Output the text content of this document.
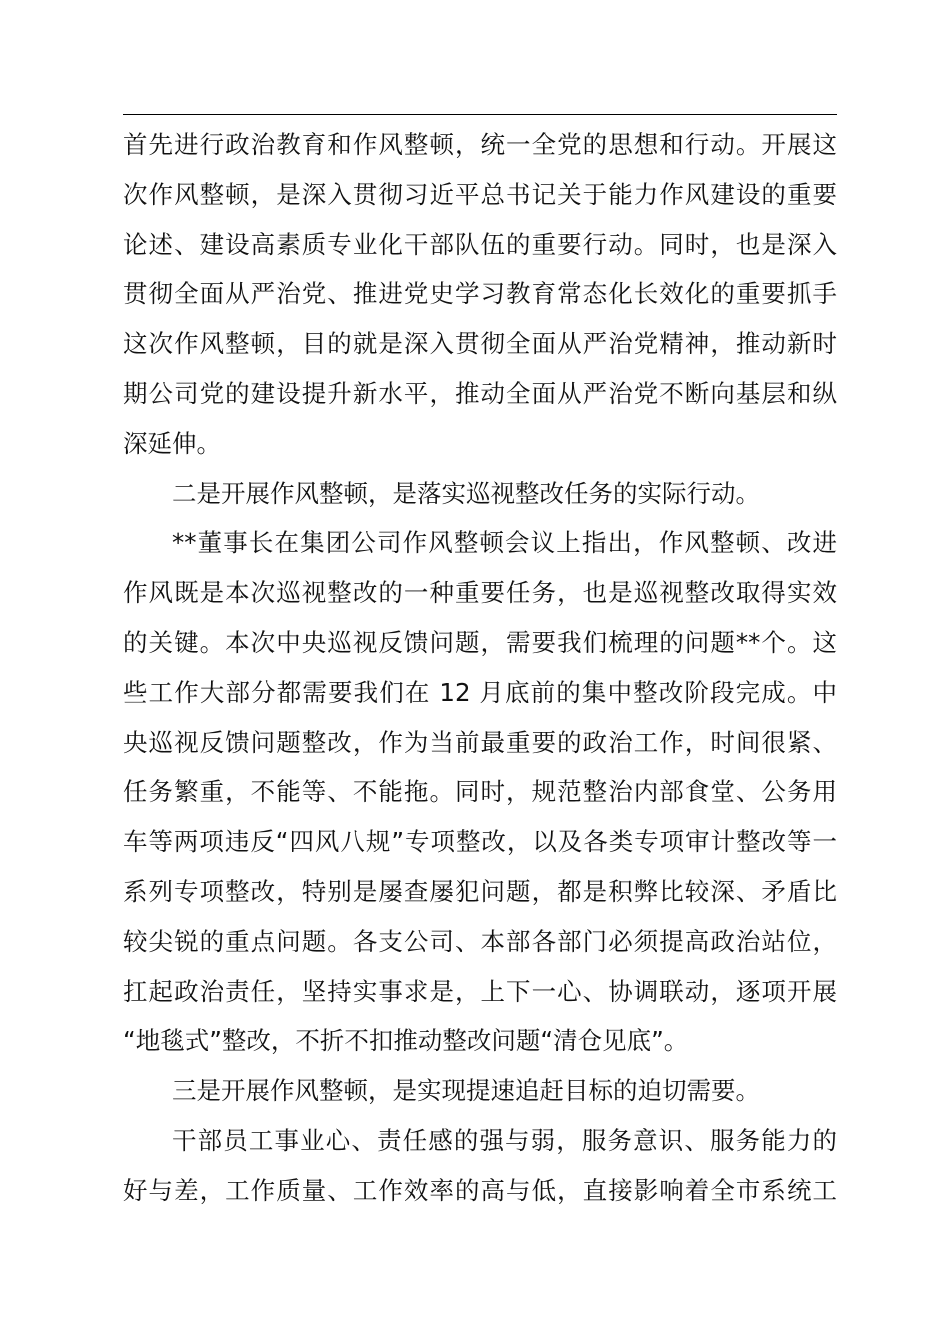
首先进行政治教育和作风整顿，统一全党的思想和行动。开展这
次作风整顿，是深入贯彻习近平总书记关于能力作风建设的重要
论述、建设高素质专业化干部队伍的重要行动。同时，也是深入
贯彻全面从严治党、推进党史学习教育常态化长效化的重要抓手
这次作风整顿，目的就是深入贯彻全面从严治党精神，推动新时
期公司党的建设提升新水平，推动全面从严治党不断向基层和纵
深延伸。
二是开展作风整顿，是落实巡视整改任务的实际行动。
**董事长在集团公司作风整顿会议上指出，作风整顿、改进
作风既是本次巡视整改的一种重要任务，也是巡视整改取得实效
的关键。本次中央巡视反馈问题，需要我们梳理的问题**个。这
些工作大部分都需要我们在 12 月底前的集中整改阶段完成。中
央巡视反馈问题整改，作为当前最重要的政治工作，时间很紧、
任务繁重，不能等、不能拖。同时，规范整治内部食堂、公务用
车等两项违反“四风八规”专项整改，以及各类专项审计整改等一
系列专项整改，特别是屡查屡犯问题，都是积弊比较深、矛盾比
较尖锐的重点问题。各支公司、本部各部门必须提高政治站位，
扛起政治责任，坚持实事求是，上下一心、协调联动，逐项开展
“地毯式”整改，不折不扣推动整改问题“清仓见底”。
三是开展作风整顿，是实现提速追赶目标的迫切需要。
干部员工事业心、责任感的强与弱，服务意识、服务能力的
好与差，工作质量、工作效率的高与低，直接影响着全市系统工
